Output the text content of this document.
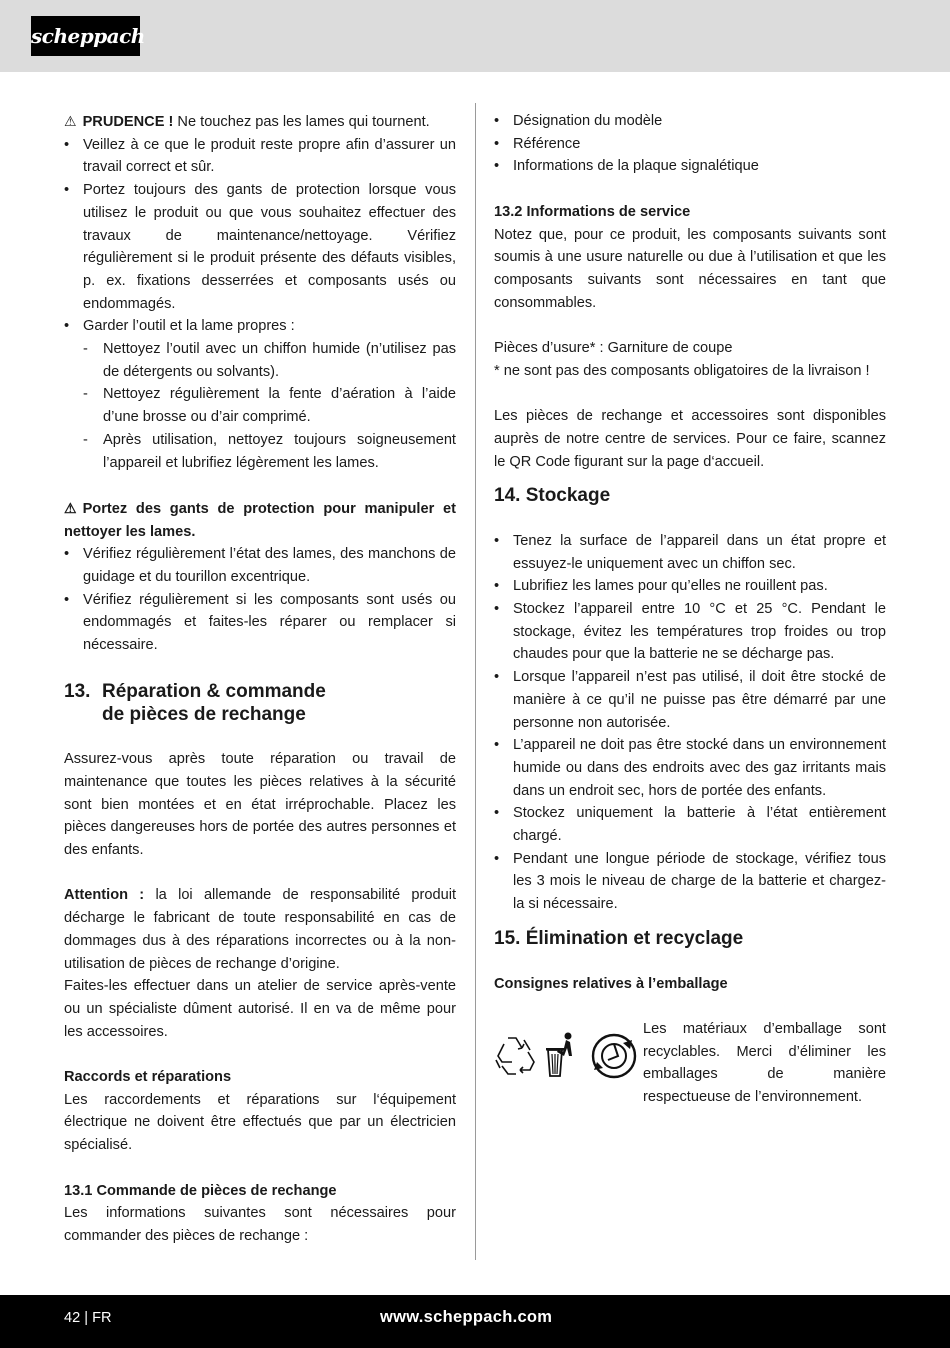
scheppach

⚠ PRUDENCE ! Ne touchez pas les lames qui tournent.

• Veillez à ce que le produit reste propre afin d’assurer un travail correct et sûr.
• Portez toujours des gants de protection lorsque vous utilisez le produit ou que vous souhaitez effectuer des travaux de maintenance/nettoyage. Vérifiez régulièrement si le produit présente des défauts visibles, p. ex. fixations desserrées et composants usés ou endommagés.
• Garder l’outil et la lame propres :
- Nettoyez l’outil avec un chiffon humide (n’utilisez pas de détergents ou solvants).
- Nettoyez régulièrement la fente d’aération à l’aide d’une brosse ou d’air comprimé.
- Après utilisation, nettoyez toujours soigneusement l’appareil et lubrifiez légèrement les lames.

⚠ Portez des gants de protection pour manipuler et nettoyer les lames.

• Vérifiez régulièrement l’état des lames, des manchons de guidage et du tourillon excentrique.
• Vérifiez régulièrement si les composants sont usés ou endommagés et faites-les réparer ou remplacer si nécessaire.
13. Réparation & commande
de pièces de rechange

Assurez-vous après toute réparation ou travail de maintenance que toutes les pièces relatives à la sécurité sont bien montées et en état irréprochable. Placez les pièces dangereuses hors de portée des autres personnes et des enfants.

Attention : la loi allemande de responsabilité produit décharge le fabricant de toute responsabilité en cas de dommages dus à des réparations incorrectes ou à la non-utilisation de pièces de rechange d’origine.

Faites-les effectuer dans un atelier de service après-vente ou un spécialiste dûment autorisé. Il en va de même pour les accessoires.

Raccords et réparations

Les raccordements et réparations sur l‘équipement électrique ne doivent être effectués que par un électricien spécialisé.

13.1 Commande de pièces de rechange

Les informations suivantes sont nécessaires pour commander des pièces de rechange :

• Désignation du modèle
• Référence
• Informations de la plaque signalétique

13.2 Informations de service

Notez que, pour ce produit, les composants suivants sont soumis à une usure naturelle ou due à l’utilisation et que les composants suivants sont nécessaires en tant que consommables.

Pièces d’usure* : Garniture de coupe

* ne sont pas des composants obligatoires de la livraison !

Les pièces de rechange et accessoires sont disponibles auprès de notre centre de services. Pour ce faire, scannez le QR Code figurant sur la page d‘accueil.

14. Stockage

• Tenez la surface de l’appareil dans un état propre et essuyez-le uniquement avec un chiffon sec.
• Lubrifiez les lames pour qu’elles ne rouillent pas.
• Stockez l’appareil entre 10 °C et 25 °C. Pendant le stockage, évitez les températures trop froides ou trop chaudes pour que la batterie ne se décharge pas.
• Lorsque l’appareil n’est pas utilisé, il doit être stocké de manière à ce qu’il ne puisse pas être démarré par une personne non autorisée.
• L’appareil ne doit pas être stocké dans un environnement humide ou dans des endroits avec des gaz irritants mais dans un endroit sec, hors de portée des enfants.
• Stockez uniquement la batterie à l’état entièrement chargé.
• Pendant une longue période de stockage, vérifiez tous les 3 mois le niveau de charge de la batterie et chargez-la si nécessaire.

15. Élimination et recyclage

Consignes relatives à l’emballage

Les matériaux d’emballage sont recyclables. Merci d’éliminer les emballages de manière respectueuse de l’environnement.

42 | FR	www.scheppach.com
